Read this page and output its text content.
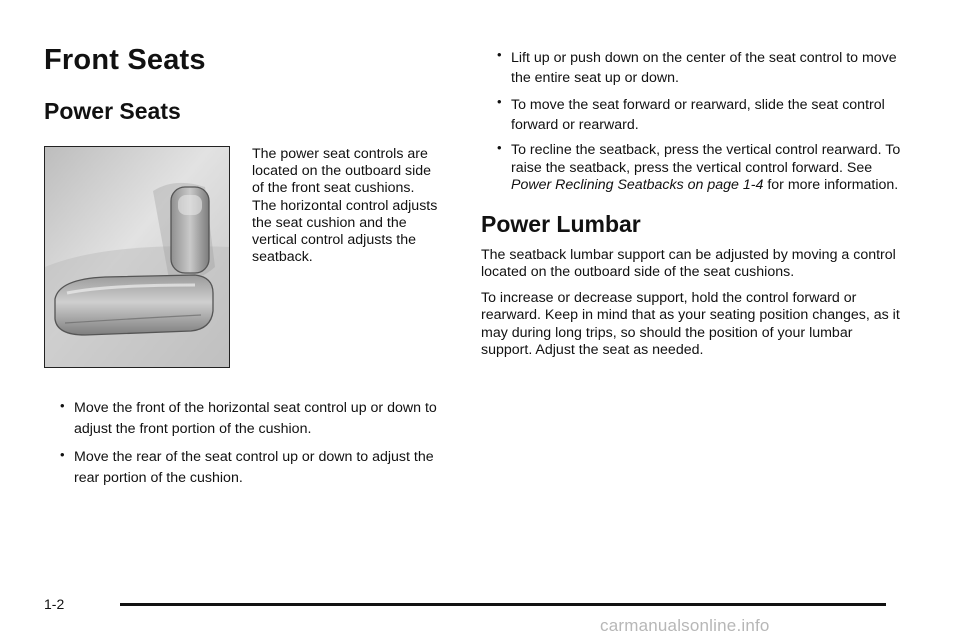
Front Seats
Power Seats

The power seat controls are located on the outboard side of the front seat cushions. The horizontal control adjusts the seat cushion and the vertical control adjusts the seatback.

• Move the front of the horizontal seat control up or down to adjust the front portion of the cushion.
• Move the rear of the seat control up or down to adjust the rear portion of the cushion.
• Lift up or push down on the center of the seat control to move the entire seat up or down.
• To move the seat forward or rearward, slide the seat control forward or rearward.
• To recline the seatback, press the vertical control rearward. To raise the seatback, press the vertical control forward. See Power Reclining Seatbacks on page 1-4 for more information.
Power Lumbar

The seatback lumbar support can be adjusted by moving a control located on the outboard side of the seat cushions.

To increase or decrease support, hold the control forward or rearward. Keep in mind that as your seating position changes, as it may during long trips, so should the position of your lumbar support. Adjust the seat as needed.

1-2
carmanualsonline.info
